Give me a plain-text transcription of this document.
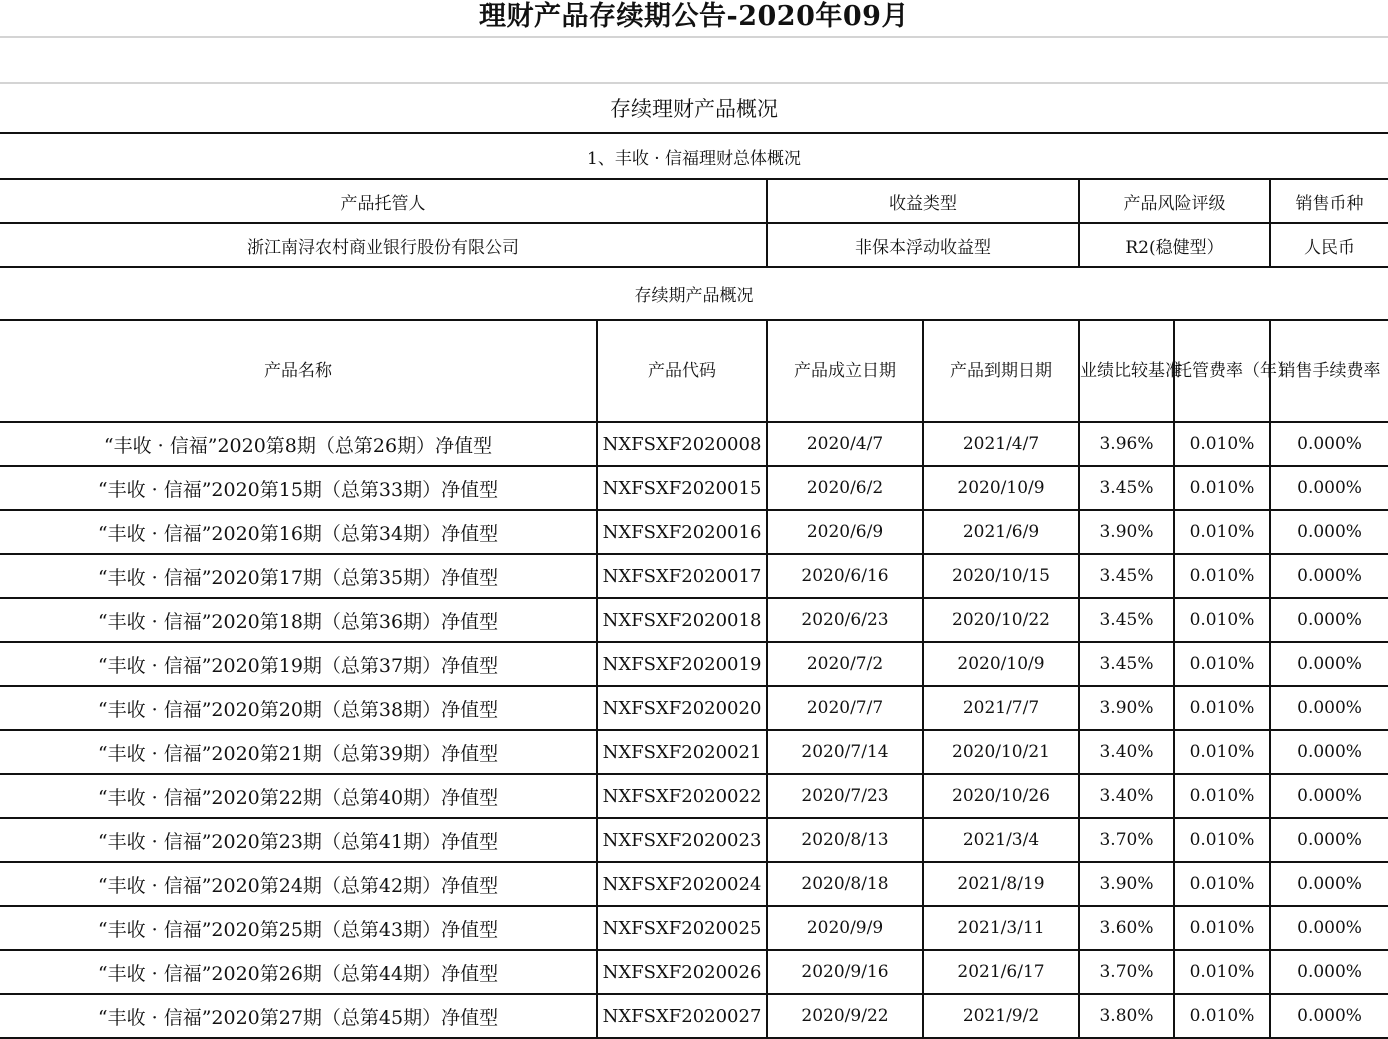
理财产品存续期公告-2020年09月
存续理财产品概况
1、丰收 · 信福理财总体概况						
产品托管人		收益类型		产品风险评级		销售币种
浙江南浔农村商业银行股份有限公司		非保本浮动收益型		R2(稳健型）		人民币
存续期产品概况						
产品名称	产品代码	产品成立日期	产品到期日期	业绩比较基准	托管费率（年）	销售手续费率
“丰收 · 信福”2020第8期（总第26期）净值型	NXFSXF2020008	2020/4/7	2021/4/7	3.96%	0.010%	0.000%
“丰收 · 信福”2020第15期（总第33期）净值型	NXFSXF2020015	2020/6/2	2020/10/9	3.45%	0.010%	0.000%
“丰收 · 信福”2020第16期（总第34期）净值型	NXFSXF2020016	2020/6/9	2021/6/9	3.90%	0.010%	0.000%
“丰收 · 信福”2020第17期（总第35期）净值型	NXFSXF2020017	2020/6/16	2020/10/15	3.45%	0.010%	0.000%
“丰收 · 信福”2020第18期（总第36期）净值型	NXFSXF2020018	2020/6/23	2020/10/22	3.45%	0.010%	0.000%
“丰收 · 信福”2020第19期（总第37期）净值型	NXFSXF2020019	2020/7/2	2020/10/9	3.45%	0.010%	0.000%
“丰收 · 信福”2020第20期（总第38期）净值型	NXFSXF2020020	2020/7/7	2021/7/7	3.90%	0.010%	0.000%
“丰收 · 信福”2020第21期（总第39期）净值型	NXFSXF2020021	2020/7/14	2020/10/21	3.40%	0.010%	0.000%
“丰收 · 信福”2020第22期（总第40期）净值型	NXFSXF2020022	2020/7/23	2020/10/26	3.40%	0.010%	0.000%
“丰收 · 信福”2020第23期（总第41期）净值型	NXFSXF2020023	2020/8/13	2021/3/4	3.70%	0.010%	0.000%
“丰收 · 信福”2020第24期（总第42期）净值型	NXFSXF2020024	2020/8/18	2021/8/19	3.90%	0.010%	0.000%
“丰收 · 信福”2020第25期（总第43期）净值型	NXFSXF2020025	2020/9/9	2021/3/11	3.60%	0.010%	0.000%
“丰收 · 信福”2020第26期（总第44期）净值型	NXFSXF2020026	2020/9/16	2021/6/17	3.70%	0.010%	0.000%
“丰收 · 信福”2020第27期（总第45期）净值型	NXFSXF2020027	2020/9/22	2021/9/2	3.80%	0.010%	0.000%
